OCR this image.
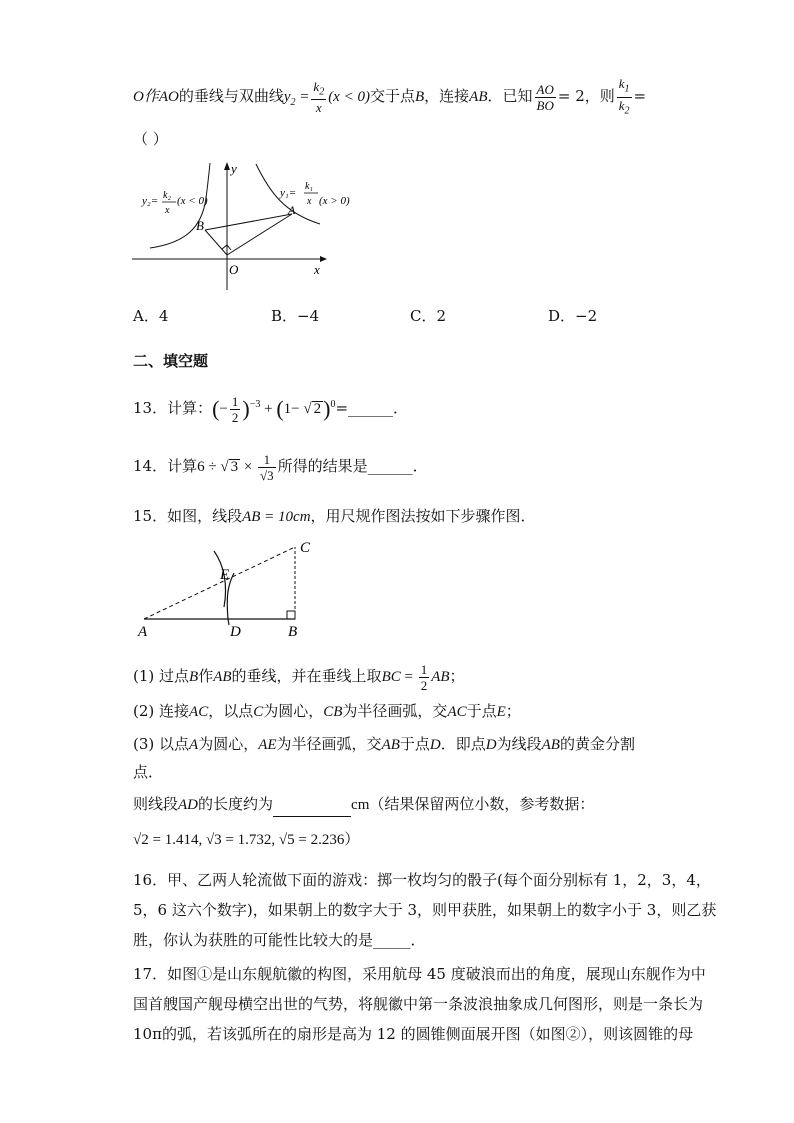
O作AO的垂线与双曲线$y_2 = \frac{k_2}{x} (x < 0)$交于点B，连接AB．已知 $\frac{AO}{BO} = 2$，则 $\frac{k_1}{k_2}$ =
（ ）
y
x
O
B
A
y₂= k₂
x
(x < 0)
y₁=
k₁
x (x > 0)
A．4	B．−4	C．2	D．−2
二、填空题
13．计算：(− $\frac{1}{2} )^{-3} + (1-$ √ 2)$^0$=______．
14．计算6 ÷ √ $3 \times \frac{1}{√3}$ 所得的结果是______．
15．如图，线段AB = 10cm，用尺规作图法按如下步骤作图．
A	D	B
C
E
(1) 过点B作AB的垂线，并在垂线上取BC = $\frac{1}{2}$ AB；
(2) 连接AC，以点C为圆心，CB为半径画弧，交AC于点E；
(3) 以点A为圆心，AE为半径画弧，交AB于点D．即点D为线段AB的黄金分割
点．
则线段AD的长度约为	cm（结果保留两位小数，参考数据：
√2 = 1.414, √3 = 1.732, √5 = 2.236）
16．甲、乙两人轮流做下面的游戏：掷一枚均匀的骰子(每个面分别标有 1，2，3，4，
5，6 这六个数字)，如果朝上的数字大于 3，则甲获胜，如果朝上的数字小于 3，则乙获
胜，你认为获胜的可能性比较大的是_____．
17．如图①是山东舰航徽的构图，采用航母 45 度破浪而出的角度，展现山东舰作为中
国首艘国产舰母横空出世的气势，将舰徽中第一条波浪抽象成几何图形，则是一条长为
10π的弧，若该弧所在的扇形是高为 12 的圆锥侧面展开图（如图②），则该圆锥的母
